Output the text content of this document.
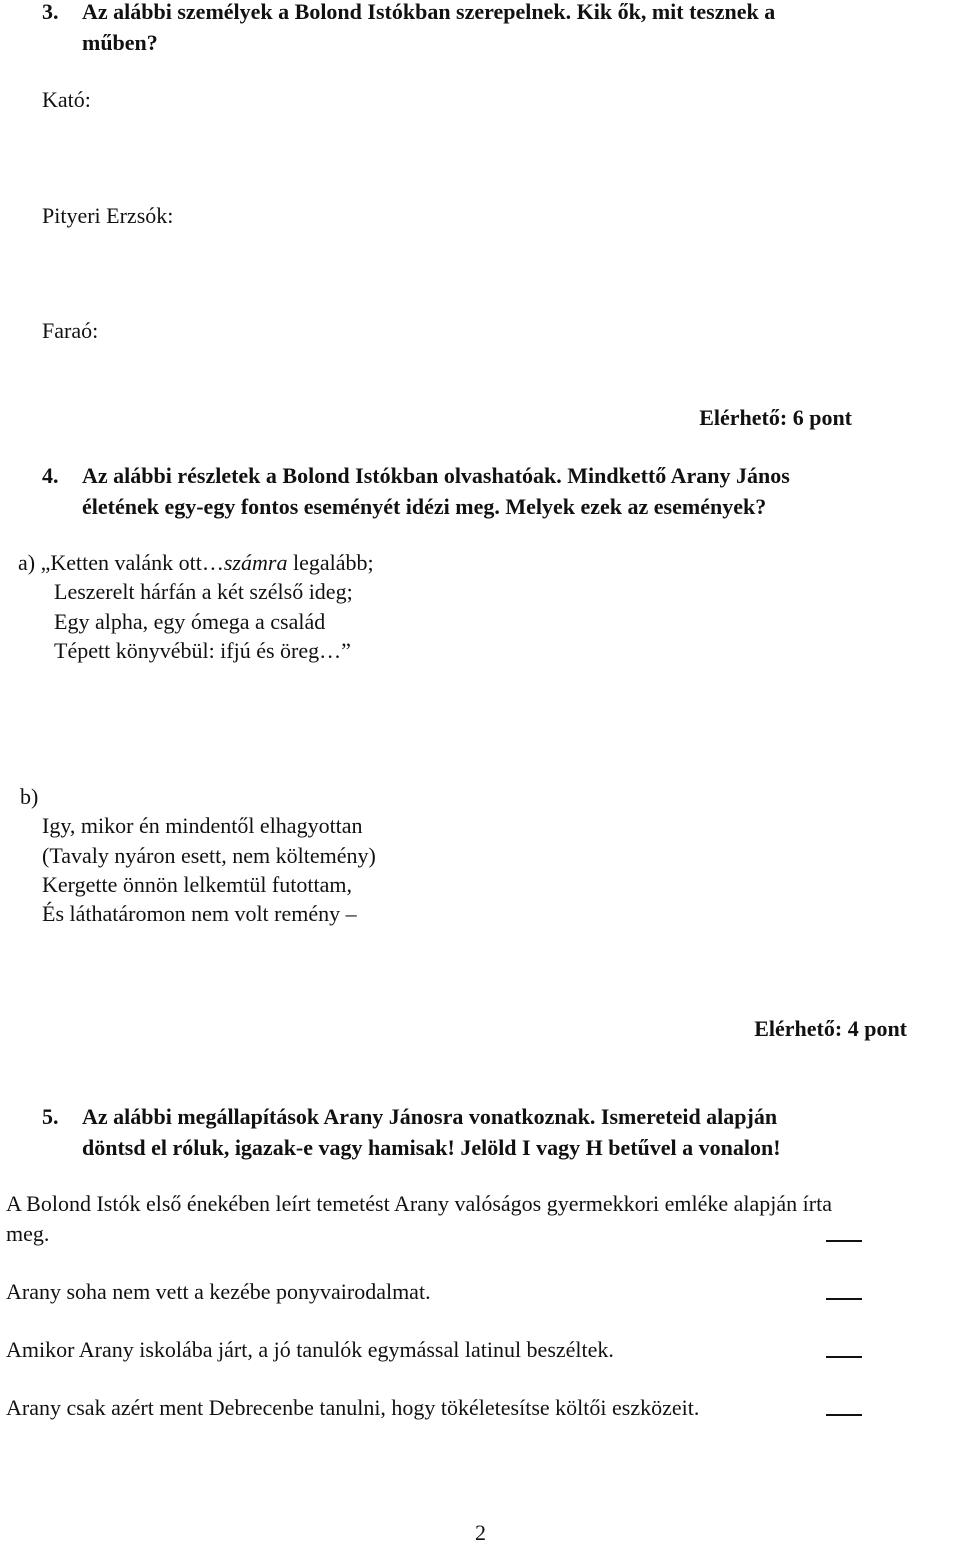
3. Az alábbi személyek a Bolond Istókban szerepelnek. Kik ők, mit tesznek a
műben?
Kató:
Pityeri Erzsók:
Faraó:
Elérhető: 6 pont
4. Az alábbi részletek a Bolond Istókban olvashatóak. Mindkettő Arany János
életének egy-egy fontos eseményét idézi meg. Melyek ezek az események?
a) „Ketten valánk ott…számra legalább;
Leszerelt hárfán a két szélső ideg;
Egy alpha, egy ómega a család
Tépett könyvébül: ifjú és öreg…”
b)
Igy, mikor én mindentől elhagyottan
(Tavaly nyáron esett, nem költemény)
Kergette önnön lelkemtül futottam,
És láthatáromon nem volt remény –
Elérhető: 4 pont
5. Az alábbi megállapítások Arany Jánosra vonatkoznak. Ismereteid alapján
döntsd el róluk, igazak-e vagy hamisak! Jelöld I vagy H betűvel a vonalon!
A Bolond Istók első énekében leírt temetést Arany valóságos gyermekkori emléke alapján írta
meg.
Arany soha nem vett a kezébe ponyvairodalmat.
Amikor Arany iskolába járt, a jó tanulók egymással latinul beszéltek.
Arany csak azért ment Debrecenbe tanulni, hogy tökéletesítse költői eszközeit.
2
